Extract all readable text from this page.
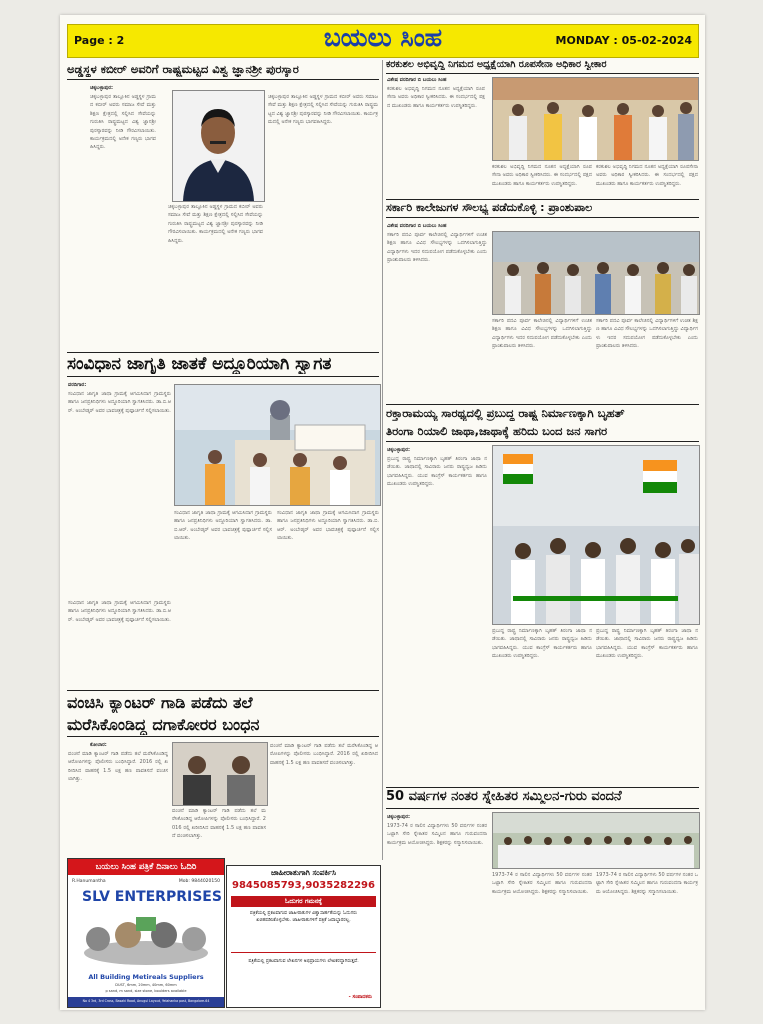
Page : 2	ಬಯಲು ಸಿಂಹ	MONDAY : 05-02-2024
ಅಡ್ಡಸ್ಥಳ ಕಬೀರ್ ಅವರಿಗೆ ರಾಷ್ಟ್ರಮಟ್ಟದ ವಿಶ್ವ ಜ್ಞಾನಶ್ರೀ ಪುರಸ್ಕಾರ
ಚಿಕ್ಕಬಳ್ಳಾಪುರ:
ಚಿಕ್ಕಬಳ್ಳಾಪುರ ತಾಲ್ಲೂಕಿನ ಅಡ್ಡಸ್ಥಳ ಗ್ರಾಮದ ಕಬೀರ್ ಅವರು ಸಮಾಜ ಸೇವೆ ಮತ್ತು ಶಿಕ್ಷಣ ಕ್ಷೇತ್ರದಲ್ಲಿ ಸಲ್ಲಿಸಿದ ಸೇವೆಯನ್ನು ಗುರುತಿಸಿ ರಾಷ್ಟ್ರಮಟ್ಟದ ವಿಶ್ವ ಜ್ಞಾನಶ್ರೀ ಪುರಸ್ಕಾರವನ್ನು ನೀಡಿ ಗೌರವಿಸಲಾಯಿತು. ಕಾರ್ಯಕ್ರಮದಲ್ಲಿ ಅನೇಕ ಗಣ್ಯರು ಭಾಗವಹಿಸಿದ್ದರು.
ಚಿಕ್ಕಬಳ್ಳಾಪುರ ತಾಲ್ಲೂಕಿನ ಅಡ್ಡಸ್ಥಳ ಗ್ರಾಮದ ಕಬೀರ್ ಅವರು ಸಮಾಜ ಸೇವೆ ಮತ್ತು ಶಿಕ್ಷಣ ಕ್ಷೇತ್ರದಲ್ಲಿ ಸಲ್ಲಿಸಿದ ಸೇವೆಯನ್ನು ಗುರುತಿಸಿ ರಾಷ್ಟ್ರಮಟ್ಟದ ವಿಶ್ವ ಜ್ಞಾನಶ್ರೀ ಪುರಸ್ಕಾರವನ್ನು ನೀಡಿ ಗೌರವಿಸಲಾಯಿತು. ಕಾರ್ಯಕ್ರಮದಲ್ಲಿ ಅನೇಕ ಗಣ್ಯರು ಭಾಗವಹಿಸಿದ್ದರು.
ಚಿಕ್ಕಬಳ್ಳಾಪುರ ತಾಲ್ಲೂಕಿನ ಅಡ್ಡಸ್ಥಳ ಗ್ರಾಮದ ಕಬೀರ್ ಅವರು ಸಮಾಜ ಸೇವೆ ಮತ್ತು ಶಿಕ್ಷಣ ಕ್ಷೇತ್ರದಲ್ಲಿ ಸಲ್ಲಿಸಿದ ಸೇವೆಯನ್ನು ಗುರುತಿಸಿ ರಾಷ್ಟ್ರಮಟ್ಟದ ವಿಶ್ವ ಜ್ಞಾನಶ್ರೀ ಪುರಸ್ಕಾರವನ್ನು ನೀಡಿ ಗೌರವಿಸಲಾಯಿತು. ಕಾರ್ಯಕ್ರಮದಲ್ಲಿ ಅನೇಕ ಗಣ್ಯರು ಭಾಗವಹಿಸಿದ್ದರು.
ಸಂವಿಧಾನ ಜಾಗೃತಿ ಜಾತಕೆ ಅದ್ದೂರಿಯಾಗಿ ಸ್ವಾಗತ
ವರದಿಗಾರ:
ಸಂವಿಧಾನ ಜಾಗೃತಿ ಜಾಥಾ ಗ್ರಾಮಕ್ಕೆ ಆಗಮಿಸಿದಾಗ ಗ್ರಾಮಸ್ಥರು ಹಾಗೂ ಜನಪ್ರತಿನಿಧಿಗಳು ಅದ್ದೂರಿಯಾಗಿ ಸ್ವಾಗತಿಸಿದರು. ಡಾ.ಬಿ.ಆರ್. ಅಂಬೇಡ್ಕರ್ ಅವರ ಭಾವಚಿತ್ರಕ್ಕೆ ಪುಷ್ಪಾರ್ಚನೆ ಸಲ್ಲಿಸಲಾಯಿತು.
ಸಂವಿಧಾನ ಜಾಗೃತಿ ಜಾಥಾ ಗ್ರಾಮಕ್ಕೆ ಆಗಮಿಸಿದಾಗ ಗ್ರಾಮಸ್ಥರು ಹಾಗೂ ಜನಪ್ರತಿನಿಧಿಗಳು ಅದ್ದೂರಿಯಾಗಿ ಸ್ವಾಗತಿಸಿದರು. ಡಾ.ಬಿ.ಆರ್. ಅಂಬೇಡ್ಕರ್ ಅವರ ಭಾವಚಿತ್ರಕ್ಕೆ ಪುಷ್ಪಾರ್ಚನೆ ಸಲ್ಲಿಸಲಾಯಿತು.
ಸಂವಿಧಾನ ಜಾಗೃತಿ ಜಾಥಾ ಗ್ರಾಮಕ್ಕೆ ಆಗಮಿಸಿದಾಗ ಗ್ರಾಮಸ್ಥರು ಹಾಗೂ ಜನಪ್ರತಿನಿಧಿಗಳು ಅದ್ದೂರಿಯಾಗಿ ಸ್ವಾಗತಿಸಿದರು. ಡಾ.ಬಿ.ಆರ್. ಅಂಬೇಡ್ಕರ್ ಅವರ ಭಾವಚಿತ್ರಕ್ಕೆ ಪುಷ್ಪಾರ್ಚನೆ ಸಲ್ಲಿಸಲಾಯಿತು.
ಸಂವಿಧಾನ ಜಾಗೃತಿ ಜಾಥಾ ಗ್ರಾಮಕ್ಕೆ ಆಗಮಿಸಿದಾಗ ಗ್ರಾಮಸ್ಥರು ಹಾಗೂ ಜನಪ್ರತಿನಿಧಿಗಳು ಅದ್ದೂರಿಯಾಗಿ ಸ್ವಾಗತಿಸಿದರು. ಡಾ.ಬಿ.ಆರ್. ಅಂಬೇಡ್ಕರ್ ಅವರ ಭಾವಚಿತ್ರಕ್ಕೆ ಪುಷ್ಪಾರ್ಚನೆ ಸಲ್ಲಿಸಲಾಯಿತು.
ವಂಚಿಸಿ ಕ್ಯಾಂಟರ್ ಗಾಡಿ ಪಡೆದು ತಲೆ
ಮರೆಸಿಕೊಂಡಿದ್ದ ದಗಾಕೋರರ ಬಂಧನ
ಕೋಲಾರ:
ವಂಚನೆ ಮಾಡಿ ಕ್ಯಾಂಟರ್ ಗಾಡಿ ಪಡೆದು ತಲೆ ಮರೆಸಿಕೊಂಡಿದ್ದ ಆರೋಪಿಗಳನ್ನು ಪೊಲೀಸರು ಬಂಧಿಸಿದ್ದಾರೆ. 2016 ರಲ್ಲಿ ಖರೀದಿಸಿದ ವಾಹನಕ್ಕೆ 1.5 ಲಕ್ಷ ಹಣ ಪಾವತಿಸದೆ ವಂಚಿಸಲಾಗಿತ್ತು.
ವಂಚನೆ ಮಾಡಿ ಕ್ಯಾಂಟರ್ ಗಾಡಿ ಪಡೆದು ತಲೆ ಮರೆಸಿಕೊಂಡಿದ್ದ ಆರೋಪಿಗಳನ್ನು ಪೊಲೀಸರು ಬಂಧಿಸಿದ್ದಾರೆ. 2016 ರಲ್ಲಿ ಖರೀದಿಸಿದ ವಾಹನಕ್ಕೆ 1.5 ಲಕ್ಷ ಹಣ ಪಾವತಿಸದೆ ವಂಚಿಸಲಾಗಿತ್ತು.
ವಂಚನೆ ಮಾಡಿ ಕ್ಯಾಂಟರ್ ಗಾಡಿ ಪಡೆದು ತಲೆ ಮರೆಸಿಕೊಂಡಿದ್ದ ಆರೋಪಿಗಳನ್ನು ಪೊಲೀಸರು ಬಂಧಿಸಿದ್ದಾರೆ. 2016 ರಲ್ಲಿ ಖರೀದಿಸಿದ ವಾಹನಕ್ಕೆ 1.5 ಲಕ್ಷ ಹಣ ಪಾವತಿಸದೆ ವಂಚಿಸಲಾಗಿತ್ತು.
ಕರಕುಶಲ ಅಭಿವೃದ್ಧಿ ನಿಗಮದ ಅಧ್ಯಕ್ಷೆಯಾಗಿ ರೂಪಸೇನಾ ಅಧಿಕಾರ ಸ್ವೀಕಾರ
ವಿಶೇಷ ವರದಿಗಾರ ಬಿ ಬಯಲು ಸಿಂಹ
ಕರಕುಶಲ ಅಭಿವೃದ್ಧಿ ನಿಗಮದ ನೂತನ ಅಧ್ಯಕ್ಷೆಯಾಗಿ ರೂಪಸೇನಾ ಅವರು ಅಧಿಕಾರ ಸ್ವೀಕರಿಸಿದರು. ಈ ಸಂದರ್ಭದಲ್ಲಿ ಪಕ್ಷದ ಮುಖಂಡರು ಹಾಗೂ ಕಾರ್ಯಕರ್ತರು ಉಪಸ್ಥಿತರಿದ್ದರು.
ಕರಕುಶಲ ಅಭಿವೃದ್ಧಿ ನಿಗಮದ ನೂತನ ಅಧ್ಯಕ್ಷೆಯಾಗಿ ರೂಪಸೇನಾ ಅವರು ಅಧಿಕಾರ ಸ್ವೀಕರಿಸಿದರು. ಈ ಸಂದರ್ಭದಲ್ಲಿ ಪಕ್ಷದ ಮುಖಂಡರು ಹಾಗೂ ಕಾರ್ಯಕರ್ತರು ಉಪಸ್ಥಿತರಿದ್ದರು.
ಕರಕುಶಲ ಅಭಿವೃದ್ಧಿ ನಿಗಮದ ನೂತನ ಅಧ್ಯಕ್ಷೆಯಾಗಿ ರೂಪಸೇನಾ ಅವರು ಅಧಿಕಾರ ಸ್ವೀಕರಿಸಿದರು. ಈ ಸಂದರ್ಭದಲ್ಲಿ ಪಕ್ಷದ ಮುಖಂಡರು ಹಾಗೂ ಕಾರ್ಯಕರ್ತರು ಉಪಸ್ಥಿತರಿದ್ದರು.
ಸರ್ಕಾರಿ ಕಾಲೇಜುಗಳ ಸೌಲಭ್ಯ ಪಡೆದುಕೊಳ್ಳಿ : ಪ್ರಾಂಶುಪಾಲ
ವಿಶೇಷ ವರದಿಗಾರ ಬಿ ಬಯಲು ಸಿಂಹ
ಸರ್ಕಾರಿ ಪದವಿ ಪೂರ್ವ ಕಾಲೇಜಿನಲ್ಲಿ ವಿದ್ಯಾರ್ಥಿಗಳಿಗೆ ಉಚಿತ ಶಿಕ್ಷಣ ಹಾಗೂ ವಿವಿಧ ಸೌಲಭ್ಯಗಳನ್ನು ಒದಗಿಸಲಾಗುತ್ತಿದ್ದು ವಿದ್ಯಾರ್ಥಿಗಳು ಇದರ ಸದುಪಯೋಗ ಪಡೆದುಕೊಳ್ಳಬೇಕು ಎಂದು ಪ್ರಾಂಶುಪಾಲರು ತಿಳಿಸಿದರು.
ಸರ್ಕಾರಿ ಪದವಿ ಪೂರ್ವ ಕಾಲೇಜಿನಲ್ಲಿ ವಿದ್ಯಾರ್ಥಿಗಳಿಗೆ ಉಚಿತ ಶಿಕ್ಷಣ ಹಾಗೂ ವಿವಿಧ ಸೌಲಭ್ಯಗಳನ್ನು ಒದಗಿಸಲಾಗುತ್ತಿದ್ದು ವಿದ್ಯಾರ್ಥಿಗಳು ಇದರ ಸದುಪಯೋಗ ಪಡೆದುಕೊಳ್ಳಬೇಕು ಎಂದು ಪ್ರಾಂಶುಪಾಲರು ತಿಳಿಸಿದರು.
ಸರ್ಕಾರಿ ಪದವಿ ಪೂರ್ವ ಕಾಲೇಜಿನಲ್ಲಿ ವಿದ್ಯಾರ್ಥಿಗಳಿಗೆ ಉಚಿತ ಶಿಕ್ಷಣ ಹಾಗೂ ವಿವಿಧ ಸೌಲಭ್ಯಗಳನ್ನು ಒದಗಿಸಲಾಗುತ್ತಿದ್ದು ವಿದ್ಯಾರ್ಥಿಗಳು ಇದರ ಸದುಪಯೋಗ ಪಡೆದುಕೊಳ್ಳಬೇಕು ಎಂದು ಪ್ರಾಂಶುಪಾಲರು ತಿಳಿಸಿದರು.
ರಕ್ತಾರಾಮಯ್ಯ ಸಾರಥ್ಯದಲ್ಲಿ ಪ್ರಬುದ್ಧ ರಾಷ್ಟ್ರ ನಿರ್ಮಾಣಕ್ಕಾಗಿ ಬೃಹತ್
ತಿರಂಗಾ ರಿಯಾಲಿ ಜಾಥಾ,ಜಾಥಾಕ್ಕೆ ಹರಿದು ಬಂದ ಜನ ಸಾಗರ
ಚಿಕ್ಕಬಳ್ಳಾಪುರ:
ಪ್ರಬುದ್ಧ ರಾಷ್ಟ್ರ ನಿರ್ಮಾಣಕ್ಕಾಗಿ ಬೃಹತ್ ತಿರಂಗಾ ಜಾಥಾ ನಡೆಯಿತು. ಜಾಥಾದಲ್ಲಿ ಸಾವಿರಾರು ಜನರು ರಾಷ್ಟ್ರಧ್ವಜ ಹಿಡಿದು ಭಾಗವಹಿಸಿದ್ದರು. ಯುವ ಕಾಂಗ್ರೆಸ್ ಕಾರ್ಯಕರ್ತರು ಹಾಗೂ ಮುಖಂಡರು ಉಪಸ್ಥಿತರಿದ್ದರು.
ಪ್ರಬುದ್ಧ ರಾಷ್ಟ್ರ ನಿರ್ಮಾಣಕ್ಕಾಗಿ ಬೃಹತ್ ತಿರಂಗಾ ಜಾಥಾ ನಡೆಯಿತು. ಜಾಥಾದಲ್ಲಿ ಸಾವಿರಾರು ಜನರು ರಾಷ್ಟ್ರಧ್ವಜ ಹಿಡಿದು ಭಾಗವಹಿಸಿದ್ದರು. ಯುವ ಕಾಂಗ್ರೆಸ್ ಕಾರ್ಯಕರ್ತರು ಹಾಗೂ ಮುಖಂಡರು ಉಪಸ್ಥಿತರಿದ್ದರು.
ಪ್ರಬುದ್ಧ ರಾಷ್ಟ್ರ ನಿರ್ಮಾಣಕ್ಕಾಗಿ ಬೃಹತ್ ತಿರಂಗಾ ಜಾಥಾ ನಡೆಯಿತು. ಜಾಥಾದಲ್ಲಿ ಸಾವಿರಾರು ಜನರು ರಾಷ್ಟ್ರಧ್ವಜ ಹಿಡಿದು ಭಾಗವಹಿಸಿದ್ದರು. ಯುವ ಕಾಂಗ್ರೆಸ್ ಕಾರ್ಯಕರ್ತರು ಹಾಗೂ ಮುಖಂಡರು ಉಪಸ್ಥಿತರಿದ್ದರು.
50 ವರ್ಷಗಳ ನಂತರ ಸ್ನೇಹಿತರ ಸಮ್ಮಿಲನ-ಗುರು ವಂದನೆ
ಚಿಕ್ಕಬಳ್ಳಾಪುರ:
1973-74 ರ ಸಾಲಿನ ವಿದ್ಯಾರ್ಥಿಗಳು 50 ವರ್ಷಗಳ ನಂತರ ಒಟ್ಟಾಗಿ ಸೇರಿ ಸ್ನೇಹಿತರ ಸಮ್ಮಿಲನ ಹಾಗೂ ಗುರುವಂದನಾ ಕಾರ್ಯಕ್ರಮ ಆಯೋಜಿಸಿದ್ದರು. ಶಿಕ್ಷಕರನ್ನು ಸನ್ಮಾನಿಸಲಾಯಿತು.
1973-74 ರ ಸಾಲಿನ ವಿದ್ಯಾರ್ಥಿಗಳು 50 ವರ್ಷಗಳ ನಂತರ ಒಟ್ಟಾಗಿ ಸೇರಿ ಸ್ನೇಹಿತರ ಸಮ್ಮಿಲನ ಹಾಗೂ ಗುರುವಂದನಾ ಕಾರ್ಯಕ್ರಮ ಆಯೋಜಿಸಿದ್ದರು. ಶಿಕ್ಷಕರನ್ನು ಸನ್ಮಾನಿಸಲಾಯಿತು.
1973-74 ರ ಸಾಲಿನ ವಿದ್ಯಾರ್ಥಿಗಳು 50 ವರ್ಷಗಳ ನಂತರ ಒಟ್ಟಾಗಿ ಸೇರಿ ಸ್ನೇಹಿತರ ಸಮ್ಮಿಲನ ಹಾಗೂ ಗುರುವಂದನಾ ಕಾರ್ಯಕ್ರಮ ಆಯೋಜಿಸಿದ್ದರು. ಶಿಕ್ಷಕರನ್ನು ಸನ್ಮಾನಿಸಲಾಯಿತು.
ಬಯಲು ಸಿಂಹ ಪತ್ರಿಕೆ ದಿನಾಲು ಓದಿರಿ
R.Hanumantha	Mob: 9844020150
SLV ENTERPRISES
All Building Metireals Suppliers
DUST, 6mm, 20mm, 40mm, 60mm
p sand, m sand, size stone, boulders available
No 4 3rd, 3rd Cross, Basaki Road, Anugul Layout, Yelahanka post, Bangalore-64
ಜಾಹೀರಾತುಗಾಗಿ ಸಂಪರ್ಕಿಸಿ
9845085793,9035282296
ಓದುಗರ ಗಮನಕ್ಕೆ
ಪತ್ರಿಕೆಯಲ್ಲಿ ಪ್ರಕಟವಾಗುವ ಜಾಹೀರಾತುಗಳ ವಿಶ್ವಾಸಾರ್ಹತೆಯನ್ನು ಓದುಗರು ಖಚಿತಪಡಿಸಿಕೊಳ್ಳಬೇಕು. ಜಾಹೀರಾತುಗಳಿಗೆ ಪತ್ರಿಕೆ ಜವಾಬ್ದಾರರಲ್ಲ.
ಪತ್ರಿಕೆಯಲ್ಲಿ ಪ್ರಕಟವಾಗುವ ಲೇಖನಗಳ ಅಭಿಪ್ರಾಯಗಳು ಲೇಖಕರದ್ದಾಗಿರುತ್ತವೆ.
- ಸಂಪಾದಕರು
